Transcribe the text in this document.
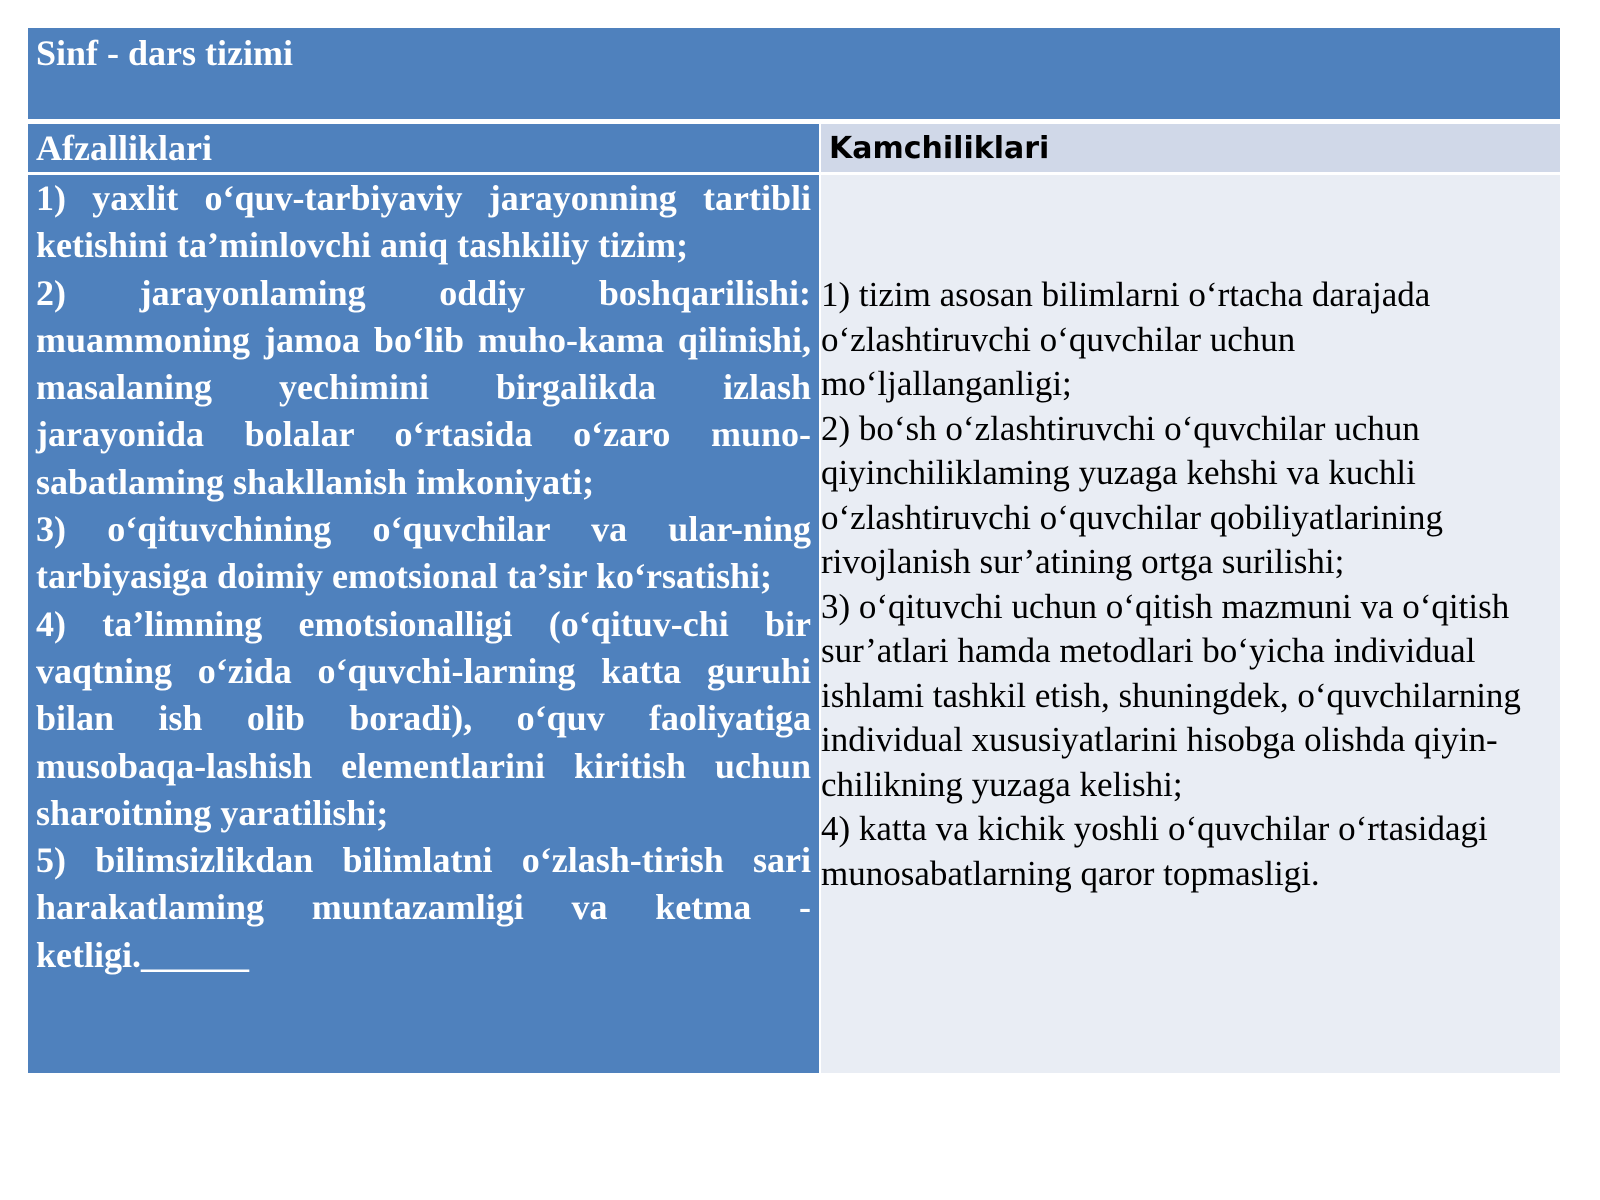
Sinf - dars tizimi
Afzalliklari	Kamchiliklari

1) yaxlit o‘quv-tarbiyaviy jarayonning tartibli ketishini ta’minlovchi aniq tashkiliy tizim;

2) jarayonlaming oddiy boshqarilishi: muammoning jamoa bo‘lib muho-kama qilinishi, masalaning yechimini birgalikda izlash jarayonida bolalar o‘rtasida o‘zaro muno-sabatlaming shakllanish imkoniyati;

3) o‘qituvchining o‘quvchilar va ular-ning tarbiyasiga doimiy emotsional ta’sir ko‘rsatishi;

4) ta’limning emotsionalligi (o‘qituv-chi bir vaqtning o‘zida o‘quvchi-larning katta guruhi bilan ish olib boradi), o‘quv faoliyatiga musobaqa-lashish elementlarini kiritish uchun sharoitning yaratilishi;

5) bilimsizlikdan bilimlatni o‘zlash-tirish sari harakatlaming muntazamligi va ketma - ketligi.______

1) tizim asosan bilimlarni o‘rtacha darajada o‘zlashtiruvchi o‘quvchilar uchun mo‘ljallanganligi;

2) bo‘sh o‘zlashtiruvchi o‘quvchilar uchun qiyinchiliklaming yuzaga kehshi va kuchli o‘zlashtiruvchi o‘quvchilar qobiliyatlarining rivojlanish sur’atining ortga surilishi;

3) o‘qituvchi uchun o‘qitish mazmuni va o‘qitish sur’atlari hamda metodlari bo‘yicha individual ishlami tashkil etish, shuningdek, o‘quvchilarning individual xususiyatlarini hisobga olishda qiyin-chilikning yuzaga kelishi;

4) katta va kichik yoshli o‘quvchilar o‘rtasidagi munosabatlarning qaror topmasligi.
